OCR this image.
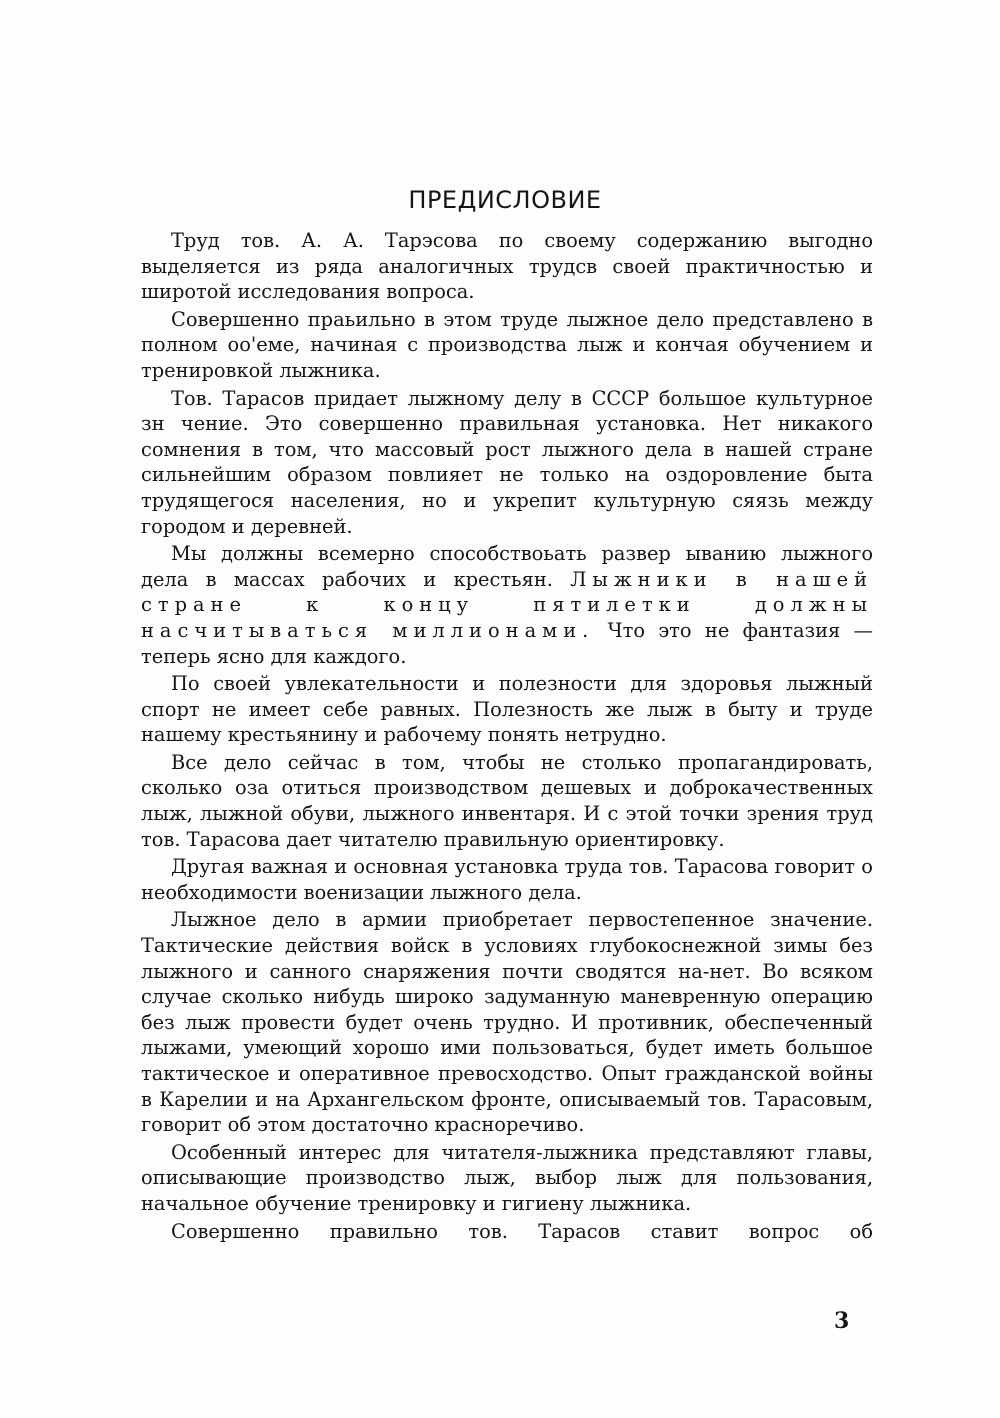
ПРЕДИСЛОВИЕ

Труд тов. А. А. Тарэсова по своему содержанию выгодно выделяется из ряда аналогичных трудсв своей практичностью и широтой исследования вопроса.

Совершенно праьильно в этом труде лыжное дело представлено в полном оо'еме, начиная с производства лыж и кончая обучением и тренировкой лыжника.

Тов. Тарасов придает лыжному делу в СССР большое культурное зн чение. Это совершенно правильная установка. Нет никакого сомнения в том, что массовый рост лыжного дела в нашей стране сильнейшим образом повлияет не только на оздоровление быта трудящегося населения, но и укрепит культурную сяязь между городом и деревней.

Мы должны всемерно способствоьать развер ыванию лыжного дела в массах рабочих и крестьян. Лыжники в нашей стране к концу пятилетки должны насчитываться миллионами. Что это не фантазия — теперь ясно для каждого.

По своей увлекательности и полезности для здоровья лыжный спорт не имеет себе равных. Полезность же лыж в быту и труде нашему крестьянину и рабочему понять нетрудно.

Все дело сейчас в том, чтобы не столько пропагандировать, сколько оза отиться производством дешевых и доброкачественных лыж, лыжной обуви, лыжного инвентаря. И с этой точки зрения труд тов. Тарасова дает читателю правильную ориентировку.

Другая важная и основная установка труда тов. Тарасова говорит о необходимости военизации лыжного дела.

Лыжное дело в армии приобретает первостепенное значение. Тактические действия войск в условиях глубокоснежной зимы без лыжного и санного снаряжения почти сводятся на-нет. Во всяком случае сколько нибудь широко задуманную маневренную операцию без лыж провести будет очень трудно. И противник, обеспеченный лыжами, умеющий хорошо ими пользоваться, будет иметь большое тактическое и оперативное превосходство. Опыт гражданской войны в Карелии и на Архангельском фронте, описываемый тов. Тарасовым, говорит об этом достаточно красноречиво.

Особенный интерес для читателя-лыжника представляют главы, описывающие производство лыж, выбор лыж для пользования, начальное обучение тренировку и гигиену лыжника.

Совершенно правильно тов. Тарасов ставит вопрос об

3
